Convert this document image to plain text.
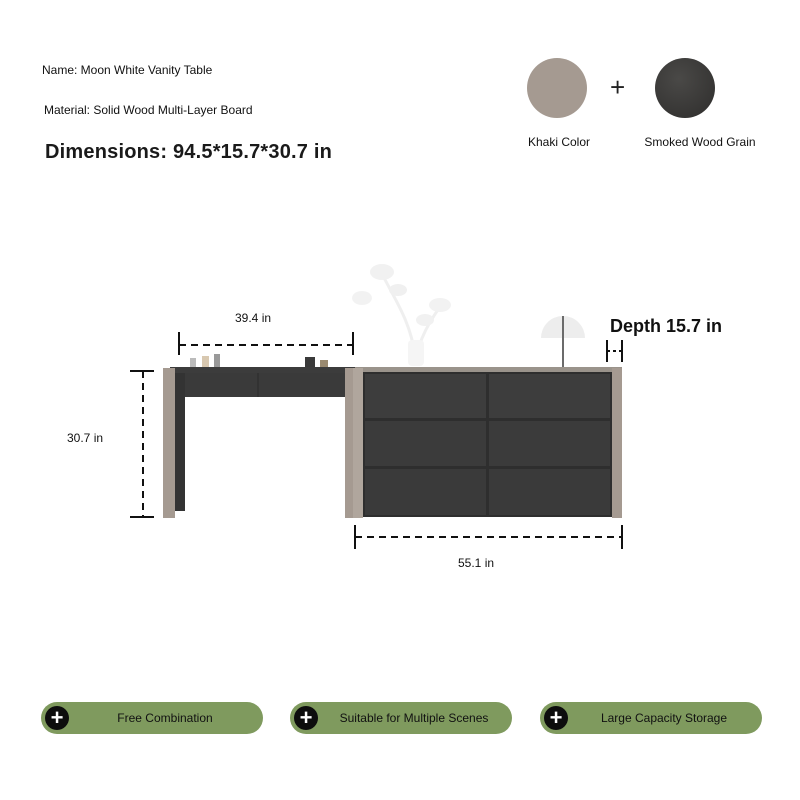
Name: Moon White Vanity Table
Material: Solid Wood Multi-Layer Board
Dimensions: 94.5*15.7*30.7 in
+
Khaki Color	Smoked Wood Grain
39.4 in
30.7 in
55.1 in
Depth 15.7 in
+	Free Combination	+	Suitable for Multiple Scenes	+	Large Capacity Storage
